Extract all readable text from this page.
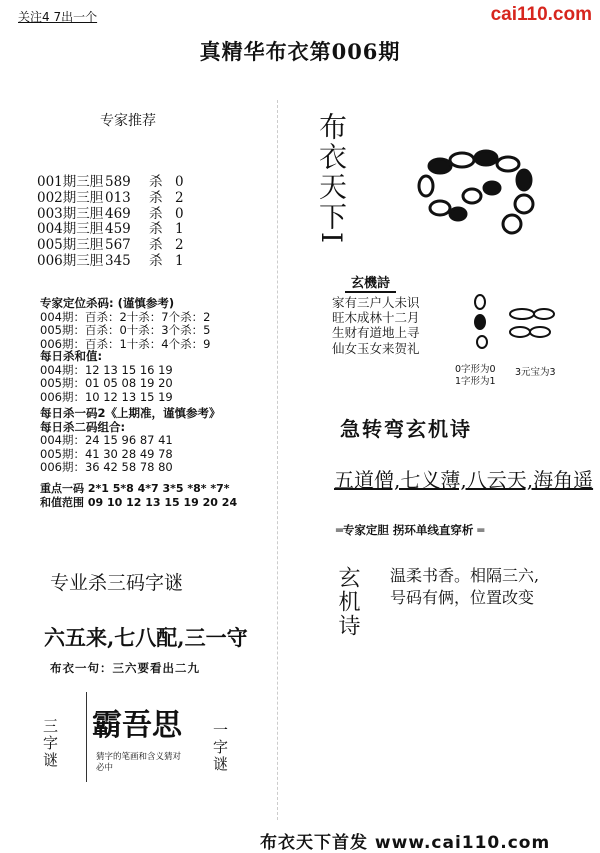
关注4 7出一个	cai110.com
真精华布衣第006期
专家推荐
001期三胆 589 杀 0
002期三胆 013 杀 2
003期三胆 469 杀 0
004期三胆 459 杀 1
005期三胆 567 杀 2
006期三胆 345 杀 1
专家定位杀码: (谨慎参考)
004期：百杀：2十杀：7个杀：2
005期：百杀：0十杀：3个杀：5
006期：百杀：1十杀：4个杀：9
每日杀和值:
004期：12 13 15 16 19
005期：01 05 08 19 20
006期：10 12 13 15 19
每日杀一码2《上期准，谨慎参考》
每日杀二码组合:
004期：24 15 96 87 41
005期：41 30 28 49 78
006期：36 42 58 78 80
重点一码 2*1 5*8 4*7 3*5 *8* *7*
和值范围 09 10 12 13 15 19 20 24
专业杀三码字谜
六五来,七八配,三一守
布衣一句：三六要看出二九
三字谜 霸吾思
猜字的笔画和含义猜对必中	一字谜
布衣天下I
玄機詩
家有三户人未识
旺木成林十二月
生财有道地上寻
仙女玉女来贺礼
0字形为0
1字形为1
3元宝为3
急转弯玄机诗
五道僧,七义薄,八云天,海角遥
═专家定胆 拐环单线直穿析 ═
玄机诗 温柔书香。相隔三六,
号码有俩，位置改变
布衣天下首发 www.cai110.com
